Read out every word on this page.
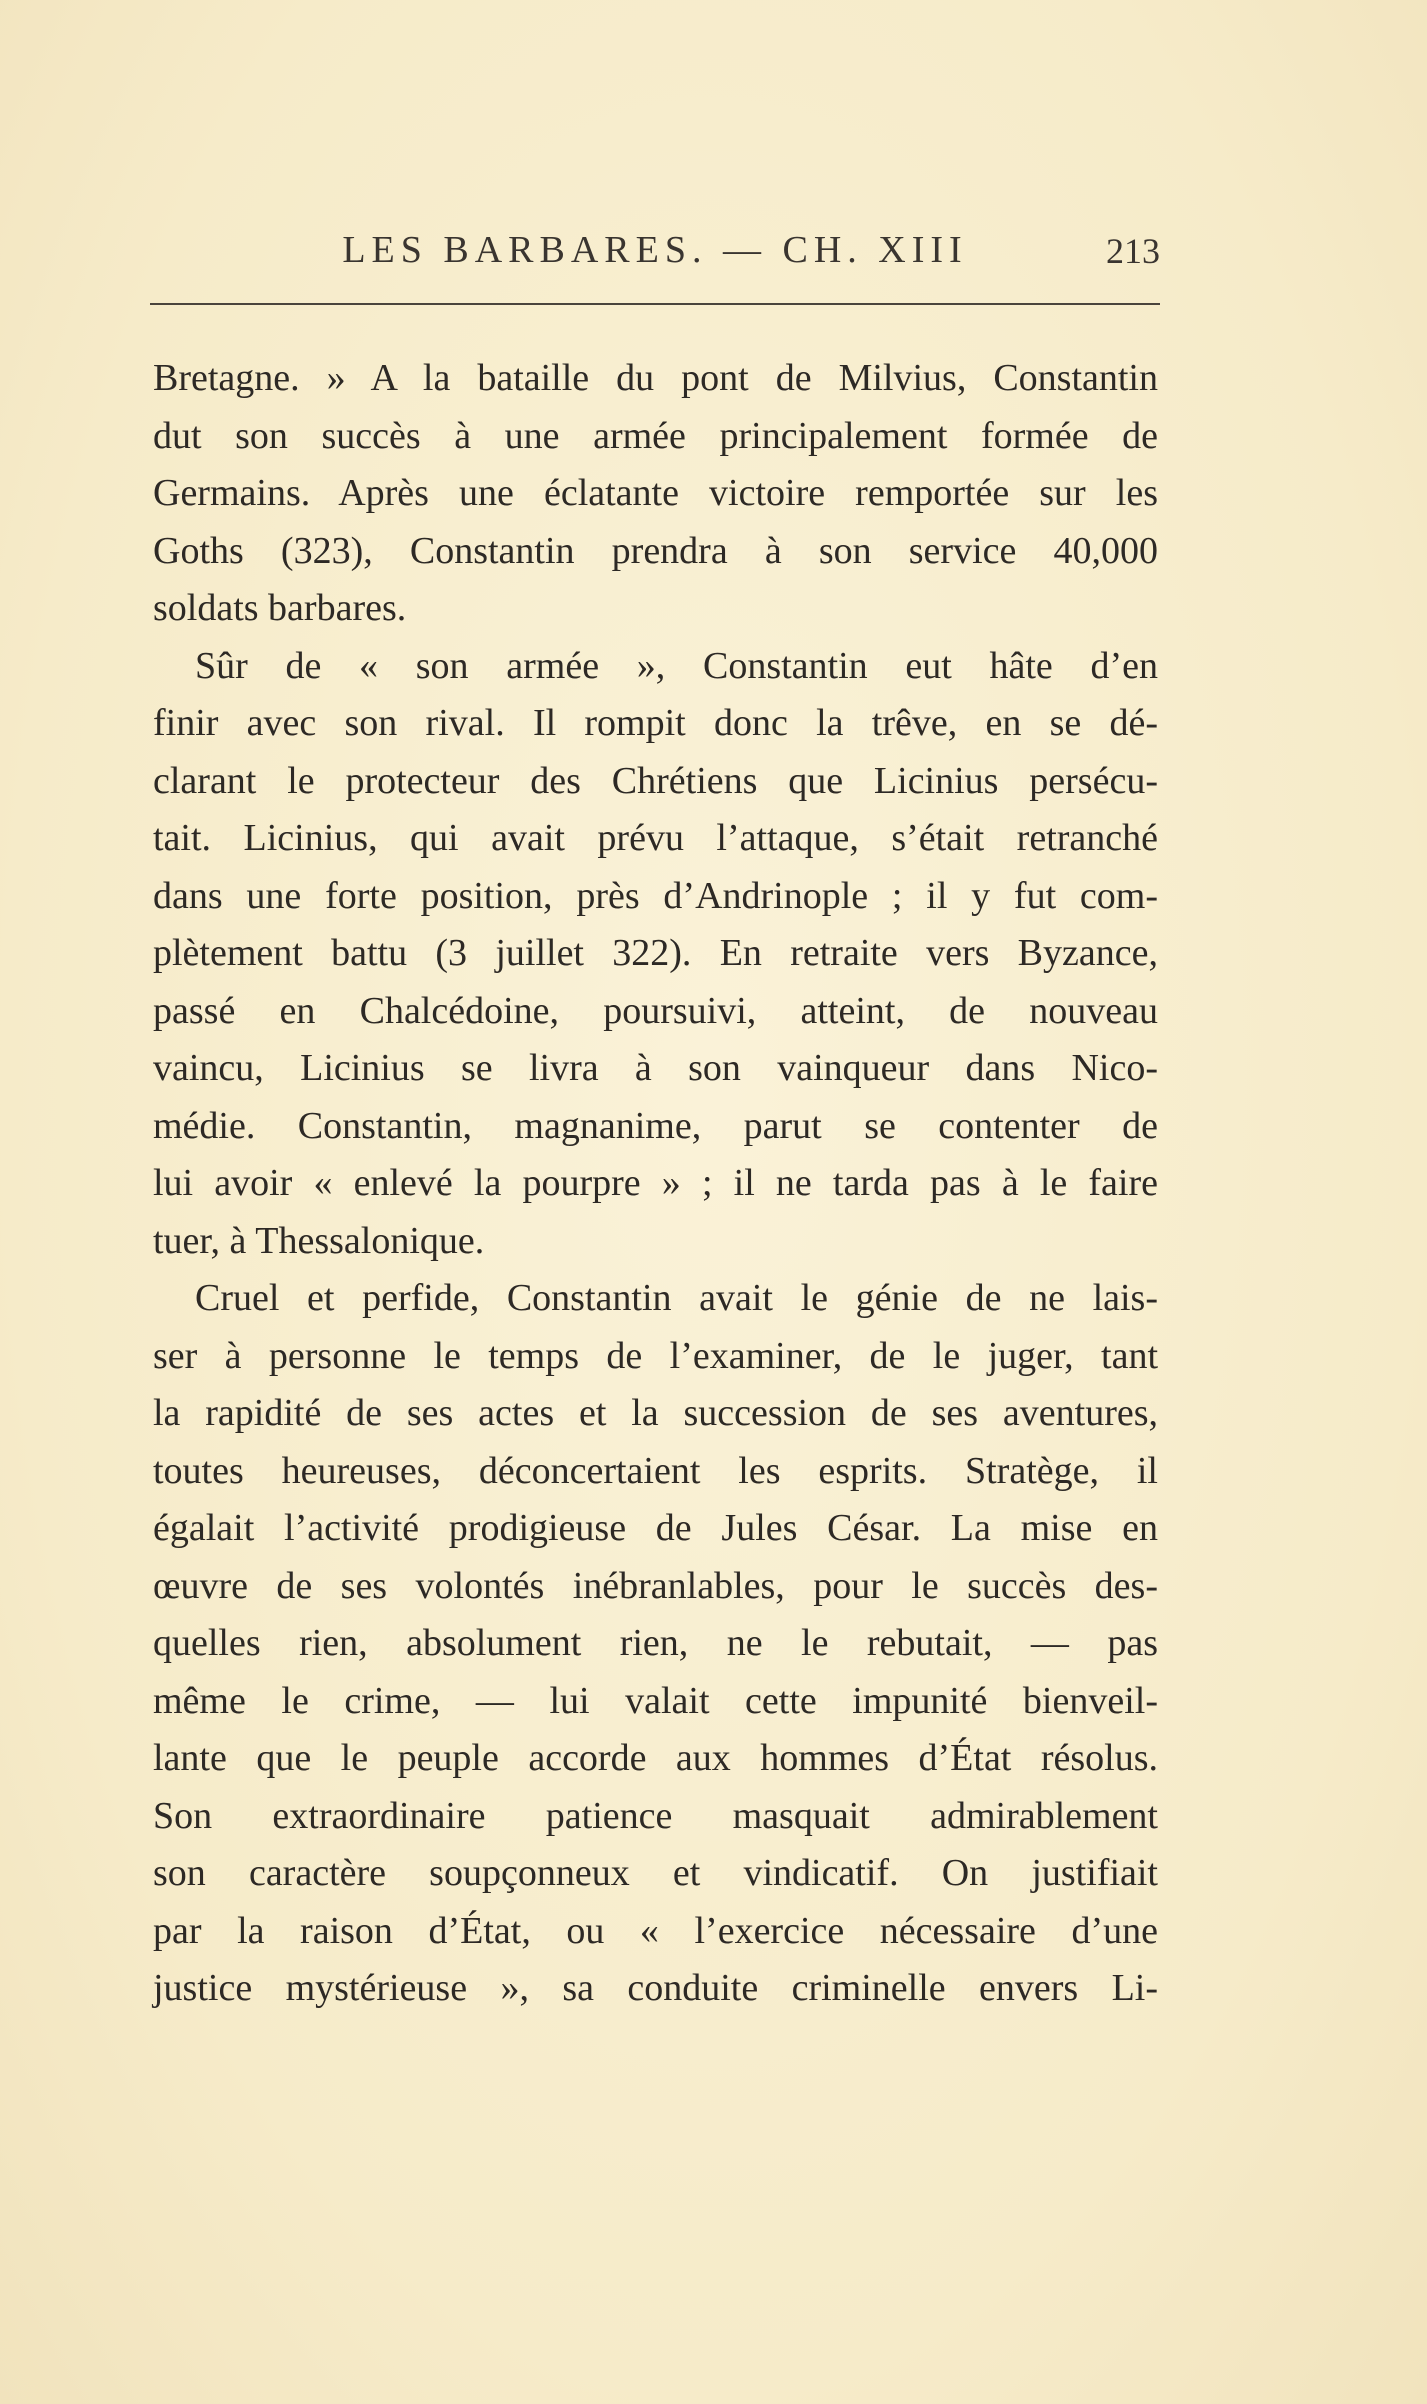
LES BARBARES. — CH. XIII	213
Bretagne. » A la bataille du pont de Milvius, Constantin
dut son succès à une armée principalement formée de
Germains. Après une éclatante victoire remportée sur les
Goths (323), Constantin prendra à son service 40,000
soldats barbares.
Sûr de « son armée », Constantin eut hâte d’en
finir avec son rival. Il rompit donc la trêve, en se dé-
clarant le protecteur des Chrétiens que Licinius persécu-
tait. Licinius, qui avait prévu l’attaque, s’était retranché
dans une forte position, près d’Andrinople ; il y fut com-
plètement battu (3 juillet 322). En retraite vers Byzance,
passé en Chalcédoine, poursuivi, atteint, de nouveau
vaincu, Licinius se livra à son vainqueur dans Nico-
médie. Constantin, magnanime, parut se contenter de
lui avoir « enlevé la pourpre » ; il ne tarda pas à le faire
tuer, à Thessalonique.
Cruel et perfide, Constantin avait le génie de ne lais-
ser à personne le temps de l’examiner, de le juger, tant
la rapidité de ses actes et la succession de ses aventures,
toutes heureuses, déconcertaient les esprits. Stratège, il
égalait l’activité prodigieuse de Jules César. La mise en
œuvre de ses volontés inébranlables, pour le succès des-
quelles rien, absolument rien, ne le rebutait, — pas
même le crime, — lui valait cette impunité bienveil-
lante que le peuple accorde aux hommes d’État résolus.
Son extraordinaire patience masquait admirablement
son caractère soupçonneux et vindicatif. On justifiait
par la raison d’État, ou « l’exercice nécessaire d’une
justice mystérieuse », sa conduite criminelle envers Li-
